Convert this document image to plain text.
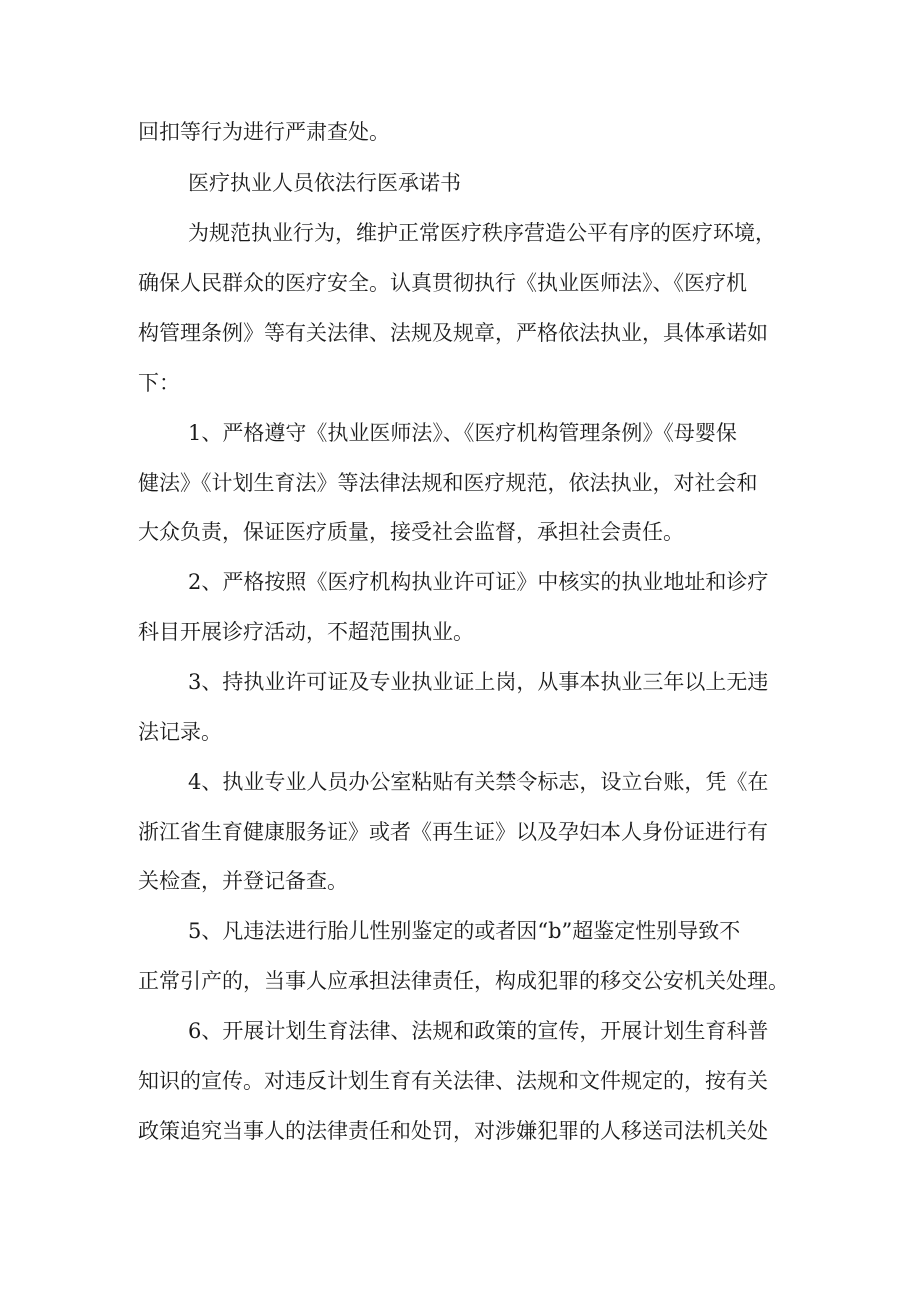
回扣等行为进行严肃查处。
医疗执业人员依法行医承诺书
为规范执业行为，维护正常医疗秩序营造公平有序的医疗环境，
确保人民群众的医疗安全。认真贯彻执行《执业医师法》、《医疗机
构管理条例》等有关法律、法规及规章，严格依法执业，具体承诺如
下：
1、严格遵守《执业医师法》、《医疗机构管理条例》《母婴保
健法》《计划生育法》等法律法规和医疗规范，依法执业，对社会和
大众负责，保证医疗质量，接受社会监督，承担社会责任。
2、严格按照《医疗机构执业许可证》中核实的执业地址和诊疗
科目开展诊疗活动，不超范围执业。
3、持执业许可证及专业执业证上岗，从事本执业三年以上无违
法记录。
4、执业专业人员办公室粘贴有关禁令标志，设立台账，凭《在
浙江省生育健康服务证》或者《再生证》以及孕妇本人身份证进行有
关检查，并登记备查。
5、凡违法进行胎儿性别鉴定的或者因“b”超鉴定性别导致不
正常引产的，当事人应承担法律责任，构成犯罪的移交公安机关处理。
6、开展计划生育法律、法规和政策的宣传，开展计划生育科普
知识的宣传。对违反计划生育有关法律、法规和文件规定的，按有关
政策追究当事人的法律责任和处罚，对涉嫌犯罪的人移送司法机关处
